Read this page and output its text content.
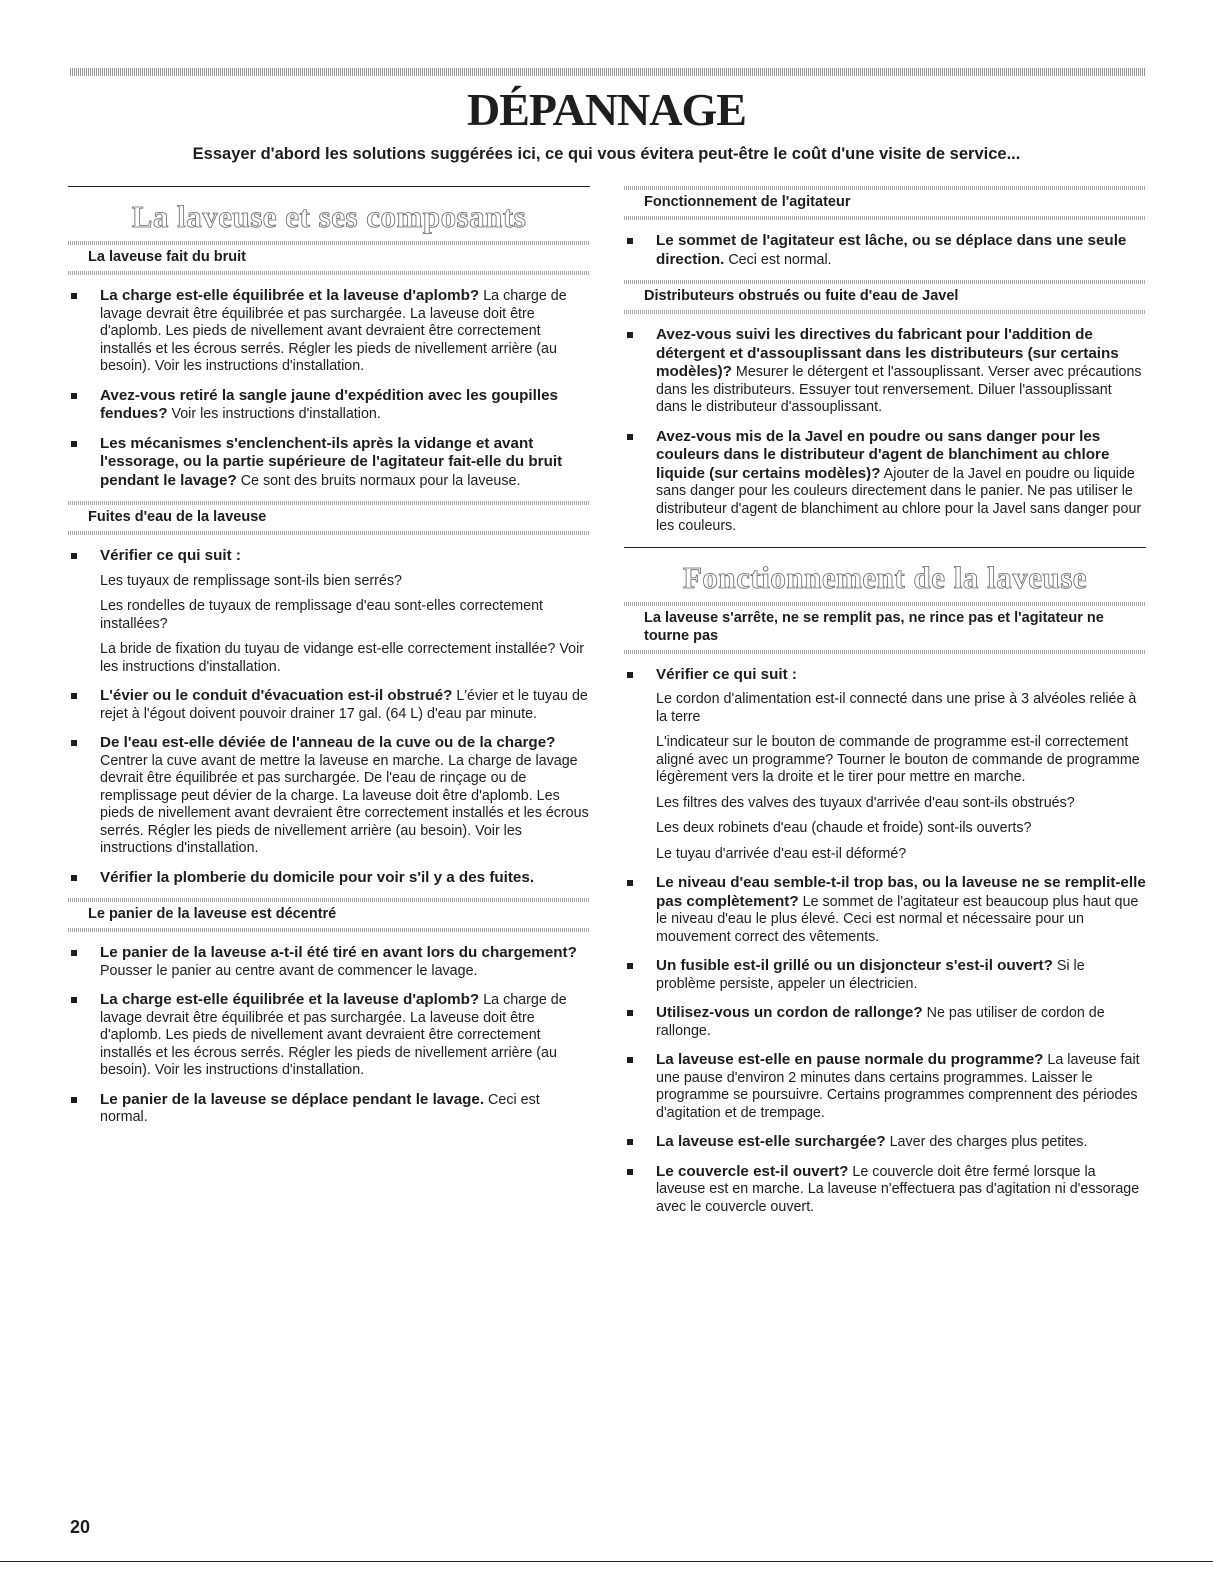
DÉPANNAGE

Essayer d'abord les solutions suggérées ici, ce qui vous évitera peut-être le coût d'une visite de service...

La laveuse et ses composants
La laveuse fait du bruit
La charge est-elle équilibrée et la laveuse d'aplomb? La charge de lavage devrait être équilibrée et pas surchargée. La laveuse doit être d'aplomb. Les pieds de nivellement avant devraient être correctement installés et les écrous serrés. Régler les pieds de nivellement arrière (au besoin). Voir les instructions d'installation.
Avez-vous retiré la sangle jaune d'expédition avec les goupilles fendues? Voir les instructions d'installation.
Les mécanismes s'enclenchent-ils après la vidange et avant l'essorage, ou la partie supérieure de l'agitateur fait-elle du bruit pendant le lavage? Ce sont des bruits normaux pour la laveuse.
Fuites d'eau de la laveuse
Vérifier ce qui suit :
Les tuyaux de remplissage sont-ils bien serrés?
Les rondelles de tuyaux de remplissage d'eau sont-elles correctement installées?
La bride de fixation du tuyau de vidange est-elle correctement installée? Voir les instructions d'installation.
L'évier ou le conduit d'évacuation est-il obstrué? L'évier et le tuyau de rejet à l'égout doivent pouvoir drainer 17 gal. (64 L) d'eau par minute.
De l'eau est-elle déviée de l'anneau de la cuve ou de la charge? Centrer la cuve avant de mettre la laveuse en marche. La charge de lavage devrait être équilibrée et pas surchargée. De l'eau de rinçage ou de remplissage peut dévier de la charge. La laveuse doit être d'aplomb. Les pieds de nivellement avant devraient être correctement installés et les écrous serrés. Régler les pieds de nivellement arrière (au besoin). Voir les instructions d'installation.
Vérifier la plomberie du domicile pour voir s'il y a des fuites.
Le panier de la laveuse est décentré
Le panier de la laveuse a-t-il été tiré en avant lors du chargement? Pousser le panier au centre avant de commencer le lavage.
La charge est-elle équilibrée et la laveuse d'aplomb? La charge de lavage devrait être équilibrée et pas surchargée. La laveuse doit être d'aplomb. Les pieds de nivellement avant devraient être correctement installés et les écrous serrés. Régler les pieds de nivellement arrière (au besoin). Voir les instructions d'installation.
Le panier de la laveuse se déplace pendant le lavage. Ceci est normal.
Fonctionnement de l'agitateur
Le sommet de l'agitateur est lâche, ou se déplace dans une seule direction. Ceci est normal.
Distributeurs obstrués ou fuite d'eau de Javel
Avez-vous suivi les directives du fabricant pour l'addition de détergent et d'assouplissant dans les distributeurs (sur certains modèles)? Mesurer le détergent et l'assouplissant. Verser avec précautions dans les distributeurs. Essuyer tout renversement. Diluer l'assouplissant dans le distributeur d'assouplissant.
Avez-vous mis de la Javel en poudre ou sans danger pour les couleurs dans le distributeur d'agent de blanchiment au chlore liquide (sur certains modèles)? Ajouter de la Javel en poudre ou liquide sans danger pour les couleurs directement dans le panier. Ne pas utiliser le distributeur d'agent de blanchiment au chlore pour la Javel sans danger pour les couleurs.
Fonctionnement de la laveuse
La laveuse s'arrête, ne se remplit pas, ne rince pas et l'agitateur ne tourne pas
Vérifier ce qui suit :
Le cordon d'alimentation est-il connecté dans une prise à 3 alvéoles reliée à la terre
L'indicateur sur le bouton de commande de programme est-il correctement aligné avec un programme? Tourner le bouton de commande de programme légèrement vers la droite et le tirer pour mettre en marche.
Les filtres des valves des tuyaux d'arrivée d'eau sont-ils obstrués?
Les deux robinets d'eau (chaude et froide) sont-ils ouverts?
Le tuyau d'arrivée d'eau est-il déformé?
Le niveau d'eau semble-t-il trop bas, ou la laveuse ne se remplit-elle pas complètement? Le sommet de l'agitateur est beaucoup plus haut que le niveau d'eau le plus élevé. Ceci est normal et nécessaire pour un mouvement correct des vêtements.
Un fusible est-il grillé ou un disjoncteur s'est-il ouvert? Si le problème persiste, appeler un électricien.
Utilisez-vous un cordon de rallonge? Ne pas utiliser de cordon de rallonge.
La laveuse est-elle en pause normale du programme? La laveuse fait une pause d'environ 2 minutes dans certains programmes. Laisser le programme se poursuivre. Certains programmes comprennent des périodes d'agitation et de trempage.
La laveuse est-elle surchargée? Laver des charges plus petites.
Le couvercle est-il ouvert? Le couvercle doit être fermé lorsque la laveuse est en marche. La laveuse n'effectuera pas d'agitation ni d'essorage avec le couvercle ouvert.

20
